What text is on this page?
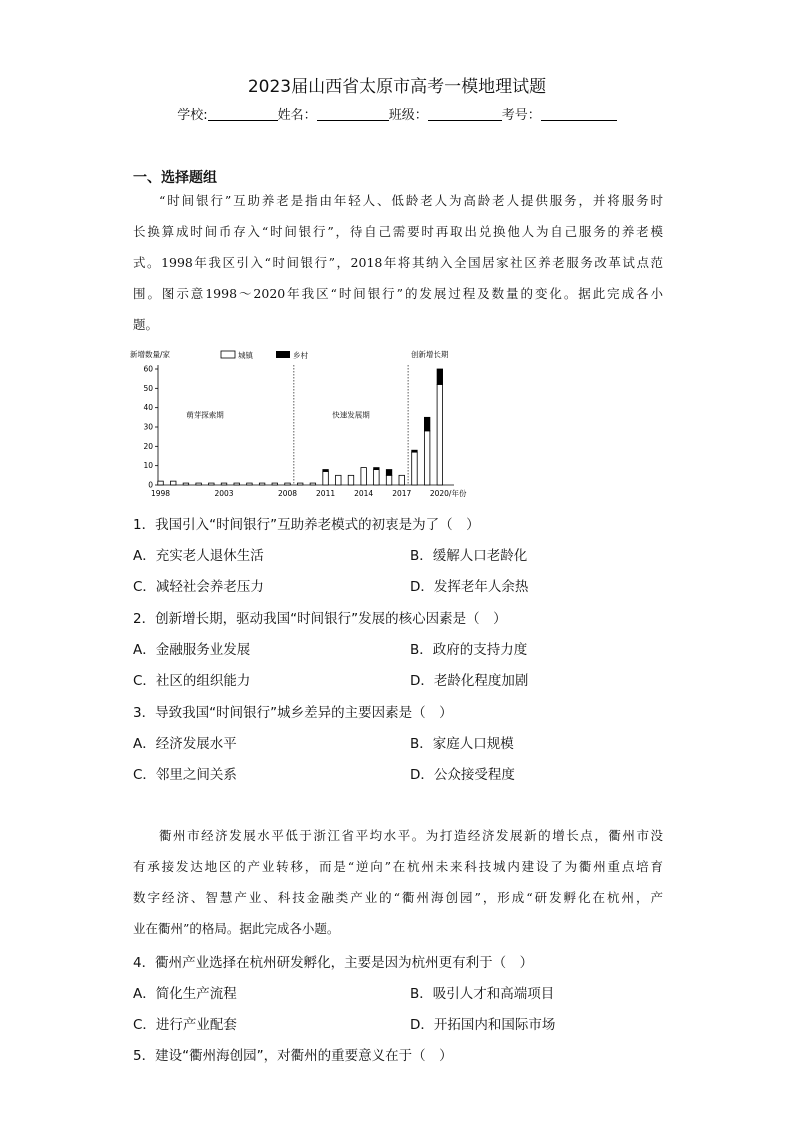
2023届山西省太原市高考一模地理试题
学校:	姓名：	班级：	考号：
一、选择题组
“时间银行”互助养老是指由年轻人、低龄老人为高龄老人提供服务，并将服务时
长换算成时间币存入“时间银行”，待自己需要时再取出兑换他人为自己服务的养老模
式。1998年我区引入“时间银行”，2018年将其纳入全国居家社区养老服务改革试点范
围。图示意1998～2020年我区“时间银行”的发展过程及数量的变化。据此完成各小
题。
新增数量/家	城镇	乡村
0
10
20
30
40
50
60
1998	2003	2008	2011	2014	2017 2020/年份
萌芽探索期	快速发展期
创新增长期
1．我国引入“时间银行”互助养老模式的初衷是为了（　）
A．充实老人退休生活	B．缓解人口老龄化
C．减轻社会养老压力	D．发挥老年人余热
2．创新增长期，驱动我国“时间银行”发展的核心因素是（　）
A．金融服务业发展	B．政府的支持力度
C．社区的组织能力	D．老龄化程度加剧
3．导致我国“时间银行”城乡差异的主要因素是（　）
A．经济发展水平	B．家庭人口规模
C．邻里之间关系	D．公众接受程度
衢州市经济发展水平低于浙江省平均水平。为打造经济发展新的增长点，衢州市没
有承接发达地区的产业转移，而是“逆向”在杭州未来科技城内建设了为衢州重点培育
数字经济、智慧产业、科技金融类产业的“衢州海创园”，形成“研发孵化在杭州，产
业在衢州”的格局。据此完成各小题。
4．衢州产业选择在杭州研发孵化，主要是因为杭州更有利于（　）
A．简化生产流程	B．吸引人才和高端项目
C．进行产业配套	D．开拓国内和国际市场
5．建设“衢州海创园”，对衢州的重要意义在于（　）
